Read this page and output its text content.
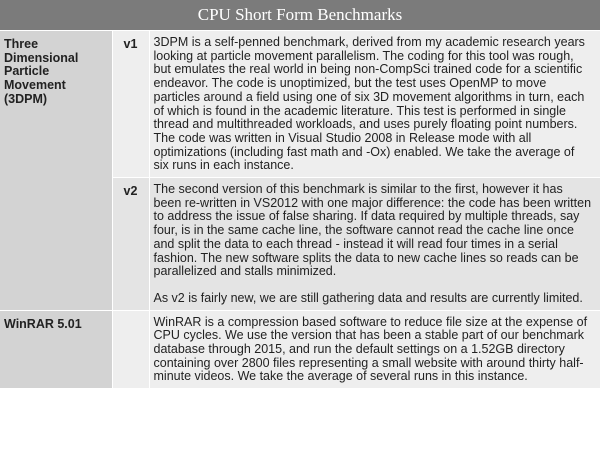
CPU Short Form Benchmarks
Three Dimensional Particle Movement (3DPM)	v1	3DPM is a self-penned benchmark, derived from my academic research years looking at particle movement parallelism. The coding for this tool was rough, but emulates the real world in being non-CompSci trained code for a scientific endeavor. The code is unoptimized, but the test uses OpenMP to move particles around a field using one of six 3D movement algorithms in turn, each of which is found in the academic literature. This test is performed in single thread and multithreaded workloads, and uses purely floating point numbers. The code was written in Visual Studio 2008 in Release mode with all optimizations (including fast math and -Ox) enabled. We take the average of six runs in each instance.

	v2	The second version of this benchmark is similar to the first, however it has been re-written in VS2012 with one major difference: the code has been written to address the issue of false sharing. If data required by multiple threads, say four, is in the same cache line, the software cannot read the cache line once and split the data to each thread - instead it will read four times in a serial fashion. The new software splits the data to new cache lines so reads can be parallelized and stalls minimized.

As v2 is fairly new, we are still gathering data and results are currently limited.

WinRAR 5.01		WinRAR is a compression based software to reduce file size at the expense of CPU cycles. We use the version that has been a stable part of our benchmark database through 2015, and run the default settings on a 1.52GB directory containing over 2800 files representing a small website with around thirty half-minute videos. We take the average of several runs in this instance.
